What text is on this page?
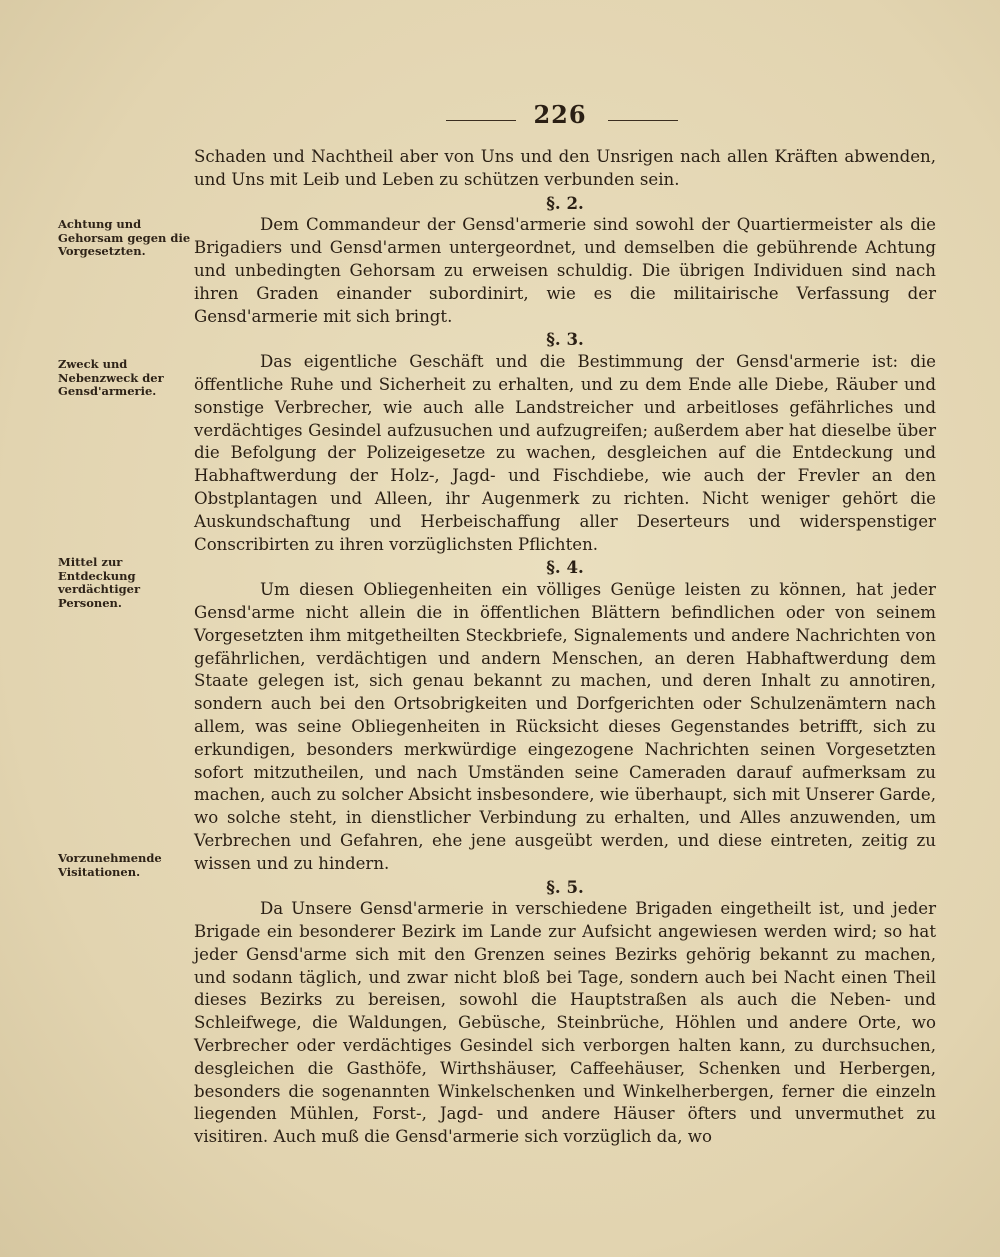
226
Achtung und Gehorsam gegen die Vorgesetzten.
Zweck und Nebenzweck der Gensd'armerie.
Mittel zur Entdeckung verdächtiger Personen.
Vorzunehmende Visitationen.

Schaden und Nachtheil aber von Uns und den Unsrigen nach allen Kräften abwenden, und Uns mit Leib und Leben zu schützen verbunden sein.

§. 2.

Dem Commandeur der Gensd'armerie sind sowohl der Quartiermeister als die Brigadiers und Gensd'armen untergeordnet, und demselben die gebührende Achtung und unbedingten Gehorsam zu erweisen schuldig. Die übrigen Individuen sind nach ihren Graden einander subordinirt, wie es die militairische Verfassung der Gensd'armerie mit sich bringt.

§. 3.

Das eigentliche Geschäft und die Bestimmung der Gensd'armerie ist: die öffentliche Ruhe und Sicherheit zu erhalten, und zu dem Ende alle Diebe, Räuber und sonstige Verbrecher, wie auch alle Landstreicher und arbeitloses gefährliches und verdächtiges Gesindel aufzusuchen und aufzugreifen; außerdem aber hat dieselbe über die Befolgung der Polizeigesetze zu wachen, desgleichen auf die Entdeckung und Habhaftwerdung der Holz-, Jagd- und Fischdiebe, wie auch der Frevler an den Obstplantagen und Alleen, ihr Augenmerk zu richten. Nicht weniger gehört die Auskundschaftung und Herbeischaffung aller Deserteurs und widerspenstiger Conscribirten zu ihren vorzüglichsten Pflichten.

§. 4.

Um diesen Obliegenheiten ein völliges Genüge leisten zu können, hat jeder Gensd'arme nicht allein die in öffentlichen Blättern befindlichen oder von seinem Vorgesetzten ihm mitgetheilten Steckbriefe, Signalements und andere Nachrichten von gefährlichen, verdächtigen und andern Menschen, an deren Habhaftwerdung dem Staate gelegen ist, sich genau bekannt zu machen, und deren Inhalt zu annotiren, sondern auch bei den Ortsobrigkeiten und Dorfgerichten oder Schulzenämtern nach allem, was seine Obliegenheiten in Rücksicht dieses Gegenstandes betrifft, sich zu erkundigen, besonders merkwürdige eingezogene Nachrichten seinen Vorgesetzten sofort mitzutheilen, und nach Umständen seine Cameraden darauf aufmerksam zu machen, auch zu solcher Absicht insbesondere, wie überhaupt, sich mit Unserer Garde, wo solche steht, in dienstlicher Verbindung zu erhalten, und Alles anzuwenden, um Verbrechen und Gefahren, ehe jene ausgeübt werden, und diese eintreten, zeitig zu wissen und zu hindern.

§. 5.

Da Unsere Gensd'armerie in verschiedene Brigaden eingetheilt ist, und jeder Brigade ein besonderer Bezirk im Lande zur Aufsicht angewiesen werden wird; so hat jeder Gensd'arme sich mit den Grenzen seines Bezirks gehörig bekannt zu machen, und sodann täglich, und zwar nicht bloß bei Tage, sondern auch bei Nacht einen Theil dieses Bezirks zu bereisen, sowohl die Hauptstraßen als auch die Neben- und Schleifwege, die Waldungen, Gebüsche, Steinbrüche, Höhlen und andere Orte, wo Verbrecher oder verdächtiges Gesindel sich verborgen halten kann, zu durchsuchen, desgleichen die Gasthöfe, Wirthshäuser, Caffeehäuser, Schenken und Herbergen, besonders die sogenannten Winkelschenken und Winkelherbergen, ferner die einzeln liegenden Mühlen, Forst-, Jagd- und andere Häuser öfters und unvermuthet zu visitiren. Auch muß die Gensd'armerie sich vorzüglich da, wo
